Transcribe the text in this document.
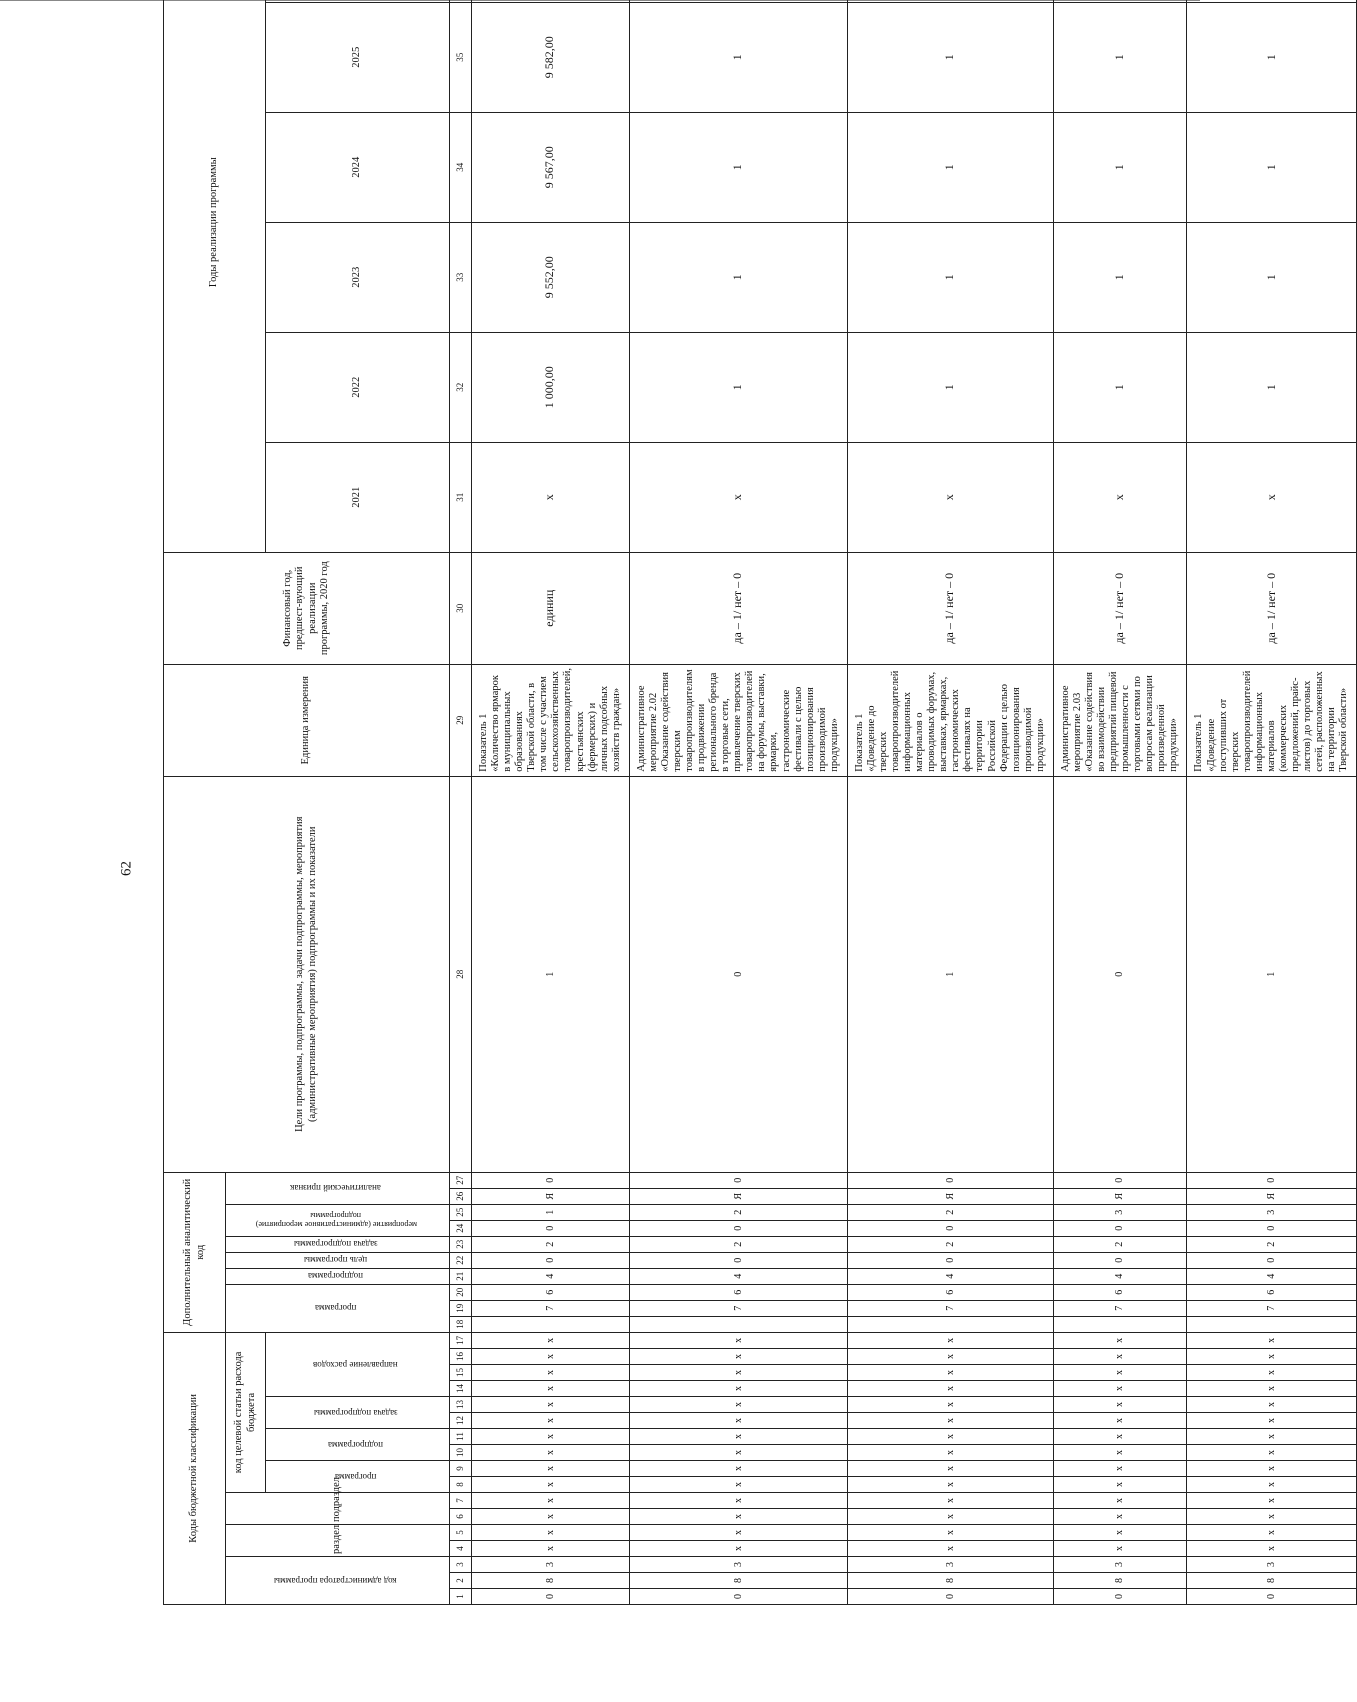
62
Коды бюджетной классификации																	Дополнительный аналитический код										Цели программы, подпрограммы, задачи подпрограммы, мероприятия (административные мероприятия) подпрограммы и их показатели	Единица измерения	Финансовый год, предшест-вующий реализации программы, 2020 год	Годы реализации программы	
код администратора программы			раздел		подраздел		код целевой статьи расхода бюджета										программа			подпрограмма	цель программы	задача подпрограммы	мероприятие (административное мероприятие) подпрограммы		аналитический признак	
							программа		подпрограмма		задача подпрограммы		направление расходов																	2021	2022	2023	2024	2025		
1	2	3	4	5	6	7	8	9	10	11	12	13	14	15	16	17	18	19	20	21	22	23	24	25	26	27	28	29	30	31	32	33	34	35		
0	8	3	х	х	х	х	х	х	х	х	х	х	х	х	х	х		7	6	4	0	2	0	1	Я	0	1	Показатель 1 «Количество ярмарок в муниципальных образованиях Тверской области, в том числе с участием сельскохозяйственных товаропроизводителей, крестьянских (фермерских) и личных подсобных хозяйств граждан»	единиц	х	1 000,00	9 552,00	9 567,00	9 582,00			
0	8	3	х	х	х	х	х	х	х	х	х	х	х	х	х	х		7	6	4	0	2	0	2	Я	0	0	Административное мероприятие 2.02 «Оказание содействия тверским товаропроизводителям в продвижении регионального бренда в торговые сети, привлечение тверских товаропроизводителей на форумы, выставки, ярмарки, гастрономические фестивали с целью позиционирования производимой продукции»	да – 1/ нет – 0	х	1	1	1	1			
0	8	3	х	х	х	х	х	х	х	х	х	х	х	х	х	х		7	6	4	0	2	0	2	Я	0	1	Показатель 1 «Доведение до тверских товаропроизводителей информационных материалов о проводимых форумах, выставках, ярмарках, гастрономических фестивалях на территории Российской Федерации с целью позиционирования производимой продукции»	да – 1/ нет – 0	х	1	1	1	1			
0	8	3	х	х	х	х	х	х	х	х	х	х	х	х	х	х		7	6	4	0	2	0	3	Я	0	0	Административное мероприятие 2.03 «Оказание содействия во взаимодействии предприятий пищевой промышленности с торговыми сетями по вопросам реализации произведенной продукции»	да – 1/ нет – 0	х	1	1	1	1			
0	8	3	х	х	х	х	х	х	х	х	х	х	х	х	х	х		7	6	4	0	2	0	3	Я	0	1	Показатель 1 «Доведение поступивших от тверских товаропроизводителей информационных материалов (коммерческих предложений, прайс-листов) до торговых сетей, расположенных на территории Тверской области»	да – 1/ нет – 0	х	1	1	1	1			
